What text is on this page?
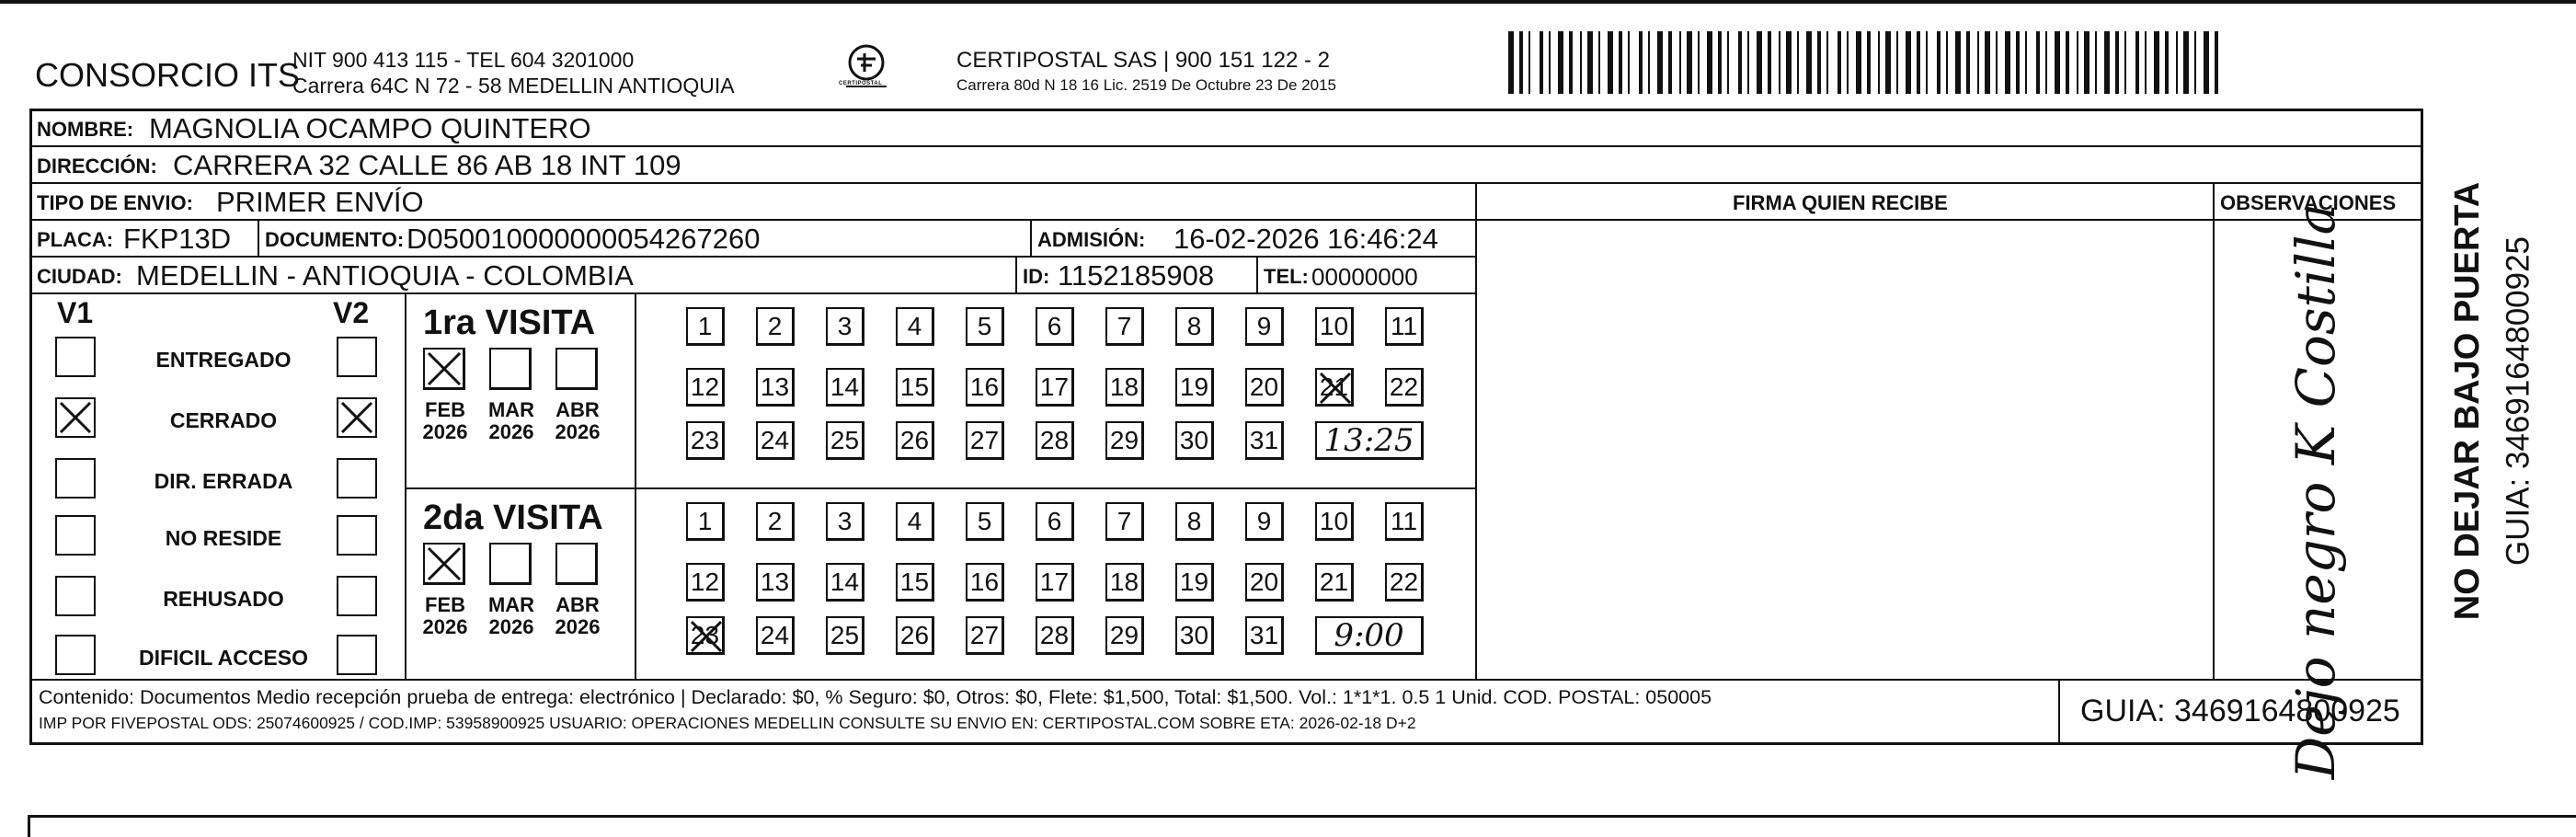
CONSORCIO ITS
NIT 900 413 115 - TEL 604 3201000
Carrera 64C N 72 - 58 MEDELLIN ANTIOQUIA	CERTIPOSTAL
CERTIPOSTAL SAS | 900 151 122 - 2
Carrera 80d N 18 16 Lic. 2519 De Octubre 23 De 2015
NOMBRE: MAGNOLIA OCAMPO QUINTERO
DIRECCIÓN: CARRERA 32 CALLE 86 AB 18 INT 109
TIPO DE ENVIO: PRIMER ENVÍO
PLACA: FKP13D DOCUMENTO: D050010000000054267260	ADMISIÓN: 16-02-2026 16:46:24
CIUDAD: MEDELLIN - ANTIOQUIA - COLOMBIA	ID: 1152185908 TEL: 00000000
FIRMA QUIEN RECIBE	OBSERVACIONES NO DEJAR BAJO PUERTA GUIA: 3469164800925
V1	V2
ENTREGADO
CERRADO
DIR. ERRADA
NO RESIDE
REHUSADO
DIFICIL ACCESO
1ra VISITA
FEB
2026
MAR
2026
ABR
2026
1 2 3 4 5 6 7 8 9 10 11
12 13 14 15 16 17 18 19 20 21 22
23 24 25 26 27 28 29 30 31 13:25
2da VISITA
FEB
2026
MAR
2026
ABR
2026
1 2 3 4 5 6 7 8 9 10 11
12 13 14 15 16 17 18 19 20 21 22
23 24 25 26 27 28 29 30 31 9:00
Contenido: Documentos Medio recepción prueba de entrega: electrónico | Declarado: $0, % Seguro: $0, Otros: $0, Flete: $1,500, Total: $1,500. Vol.: 1*1*1. 0.5 1 Unid. COD. POSTAL: 050005
IMP POR FIVEPOSTAL ODS: 25074600925 / COD.IMP: 53958900925 USUARIO: OPERACIONES MEDELLIN CONSULTE SU ENVIO EN: CERTIPOSTAL.COM SOBRE ETA: 2026-02-18 D+2	GUIA: 3469164800925
